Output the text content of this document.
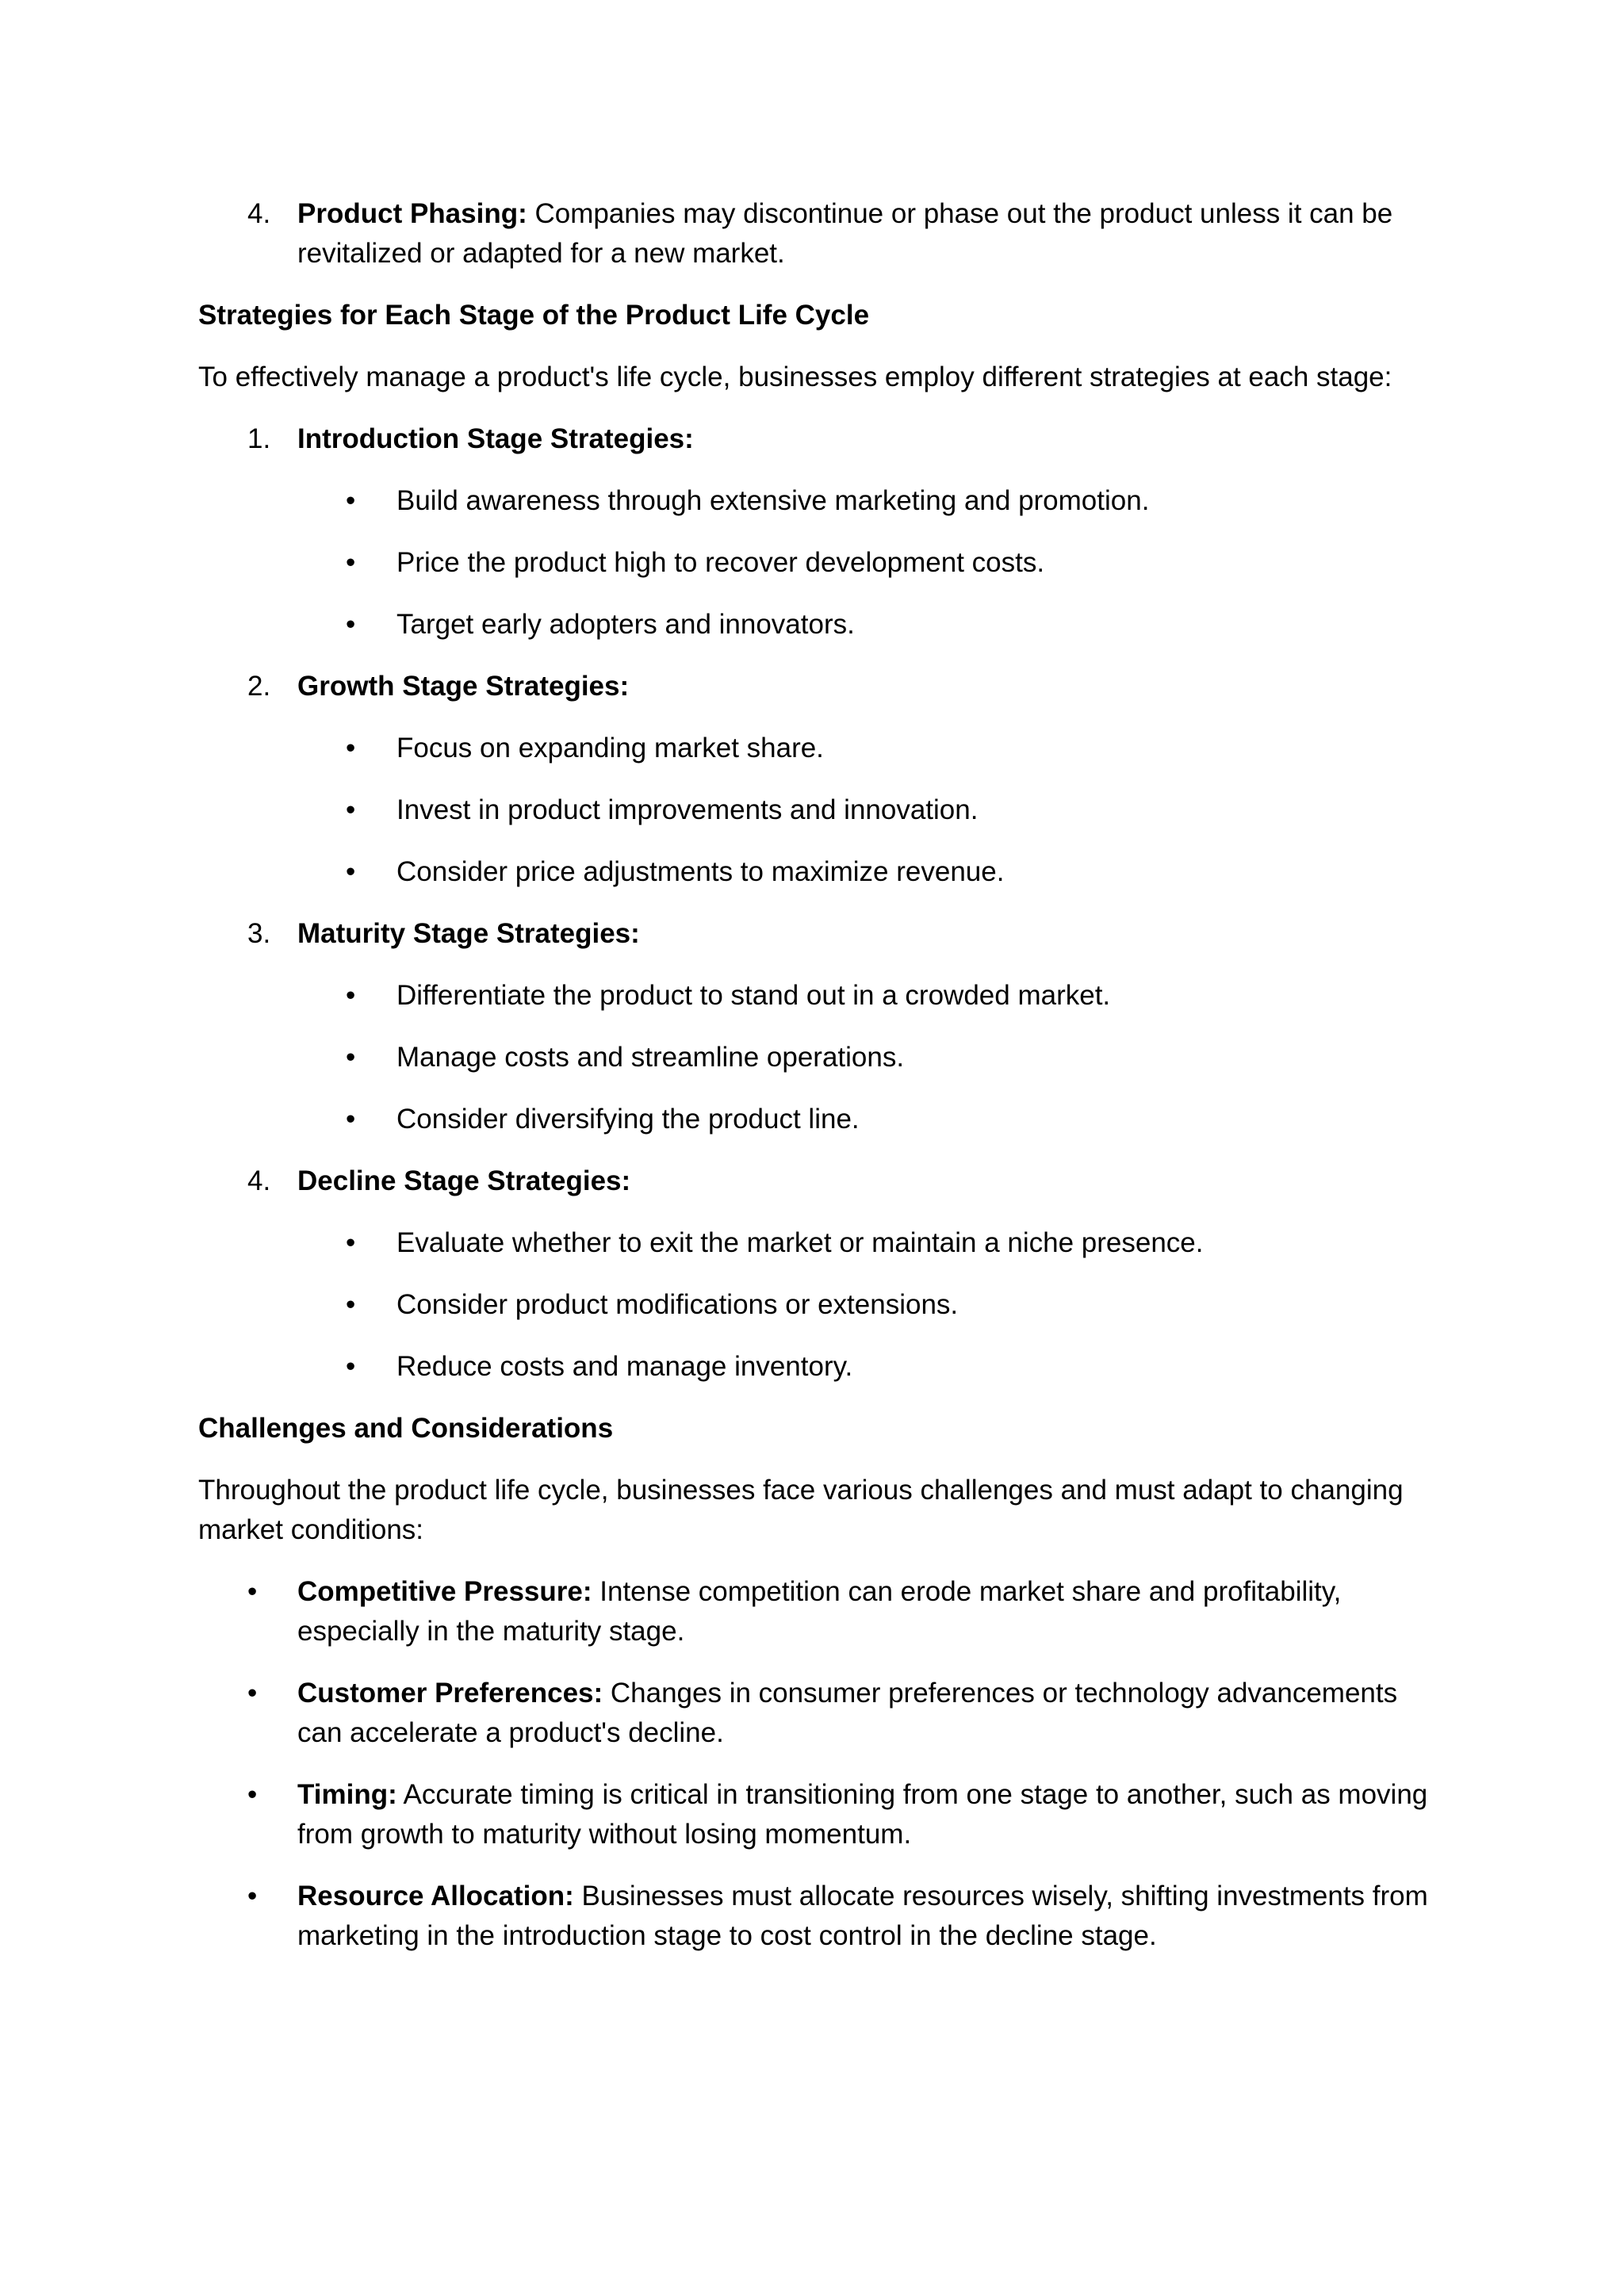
4. Product Phasing: Companies may discontinue or phase out the product unless it can be revitalized or adapted for a new market.

Strategies for Each Stage of the Product Life Cycle

To effectively manage a product's life cycle, businesses employ different strategies at each stage:

1. Introduction Stage Strategies:

• Build awareness through extensive marketing and promotion.
• Price the product high to recover development costs.
• Target early adopters and innovators.
2. Growth Stage Strategies:

• Focus on expanding market share.
• Invest in product improvements and innovation.
• Consider price adjustments to maximize revenue.
3. Maturity Stage Strategies:

• Differentiate the product to stand out in a crowded market.
• Manage costs and streamline operations.
• Consider diversifying the product line.
4. Decline Stage Strategies:

• Evaluate whether to exit the market or maintain a niche presence.
• Consider product modifications or extensions.
• Reduce costs and manage inventory.

Challenges and Considerations

Throughout the product life cycle, businesses face various challenges and must adapt to changing market conditions:

• Competitive Pressure: Intense competition can erode market share and profitability, especially in the maturity stage.

• Customer Preferences: Changes in consumer preferences or technology advancements can accelerate a product's decline.

• Timing: Accurate timing is critical in transitioning from one stage to another, such as moving from growth to maturity without losing momentum.

• Resource Allocation: Businesses must allocate resources wisely, shifting investments from marketing in the introduction stage to cost control in the decline stage.
